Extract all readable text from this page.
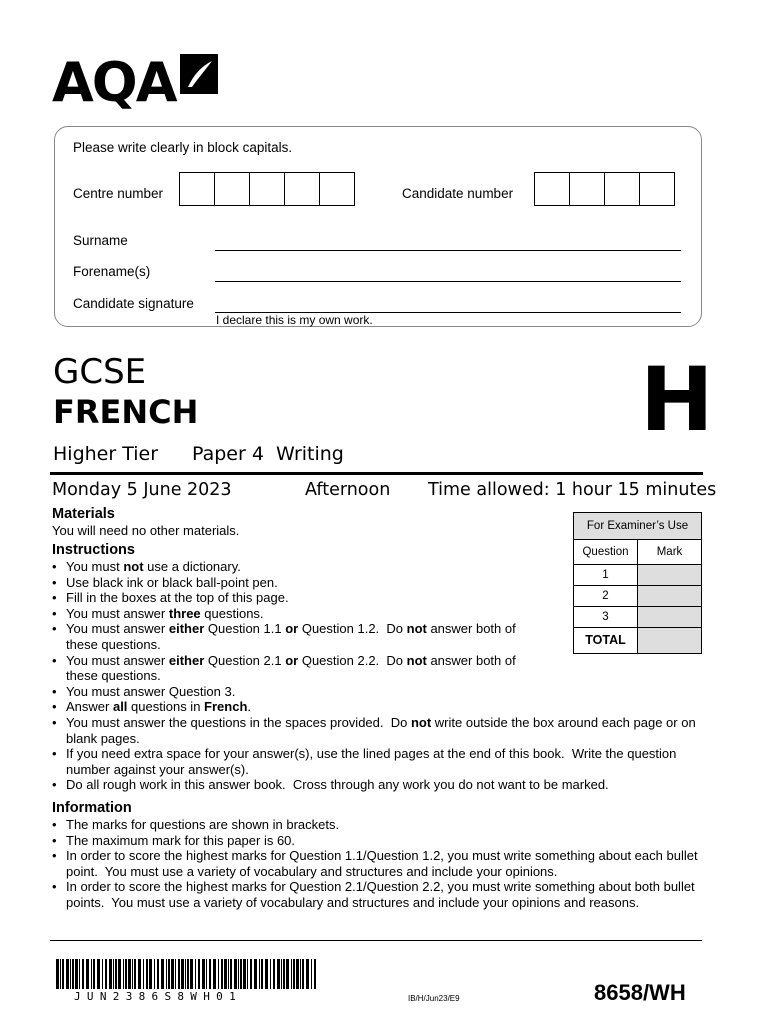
AQA
Please write clearly in block capitals.
Centre number	Candidate number
Surname
Forename(s)
Candidate signature
I declare this is my own work.
GCSE
FRENCH	H
Higher Tier Paper 4  Writing
Monday 5 June 2023	Afternoon Time allowed: 1 hour 15 minutes
Materials
You will need no other materials.
Instructions
• You must not use a dictionary.
• Use black ink or black ball-point pen.
• Fill in the boxes at the top of this page.
• You must answer three questions.
• You must answer either Question 1.1 or Question 1.2.  Do not answer both of these questions.
• You must answer either Question 2.1 or Question 2.2.  Do not answer both of these questions.
• You must answer Question 3.
• Answer all questions in French.
• You must answer the questions in the spaces provided.  Do not write outside the box around each page or on blank pages.
• If you need extra space for your answer(s), use the lined pages at the end of this book.  Write the question number against your answer(s).
• Do all rough work in this answer book.  Cross through any work you do not want to be marked.
Information
• The marks for questions are shown in brackets.
• The maximum mark for this paper is 60.
• In order to score the highest marks for Question 1.1/Question 1.2, you must write something about each bullet point.  You must use a variety of vocabulary and structures and include your opinions.
• In order to score the highest marks for Question 2.1/Question 2.2, you must write something about both bullet points.  You must use a variety of vocabulary and structures and include your opinions and reasons.
For Examiner’s Use
Question	Mark
1
2
3
TOTAL
JUN2386S8WH01	IB/H/Jun23/E9	8658/WH
